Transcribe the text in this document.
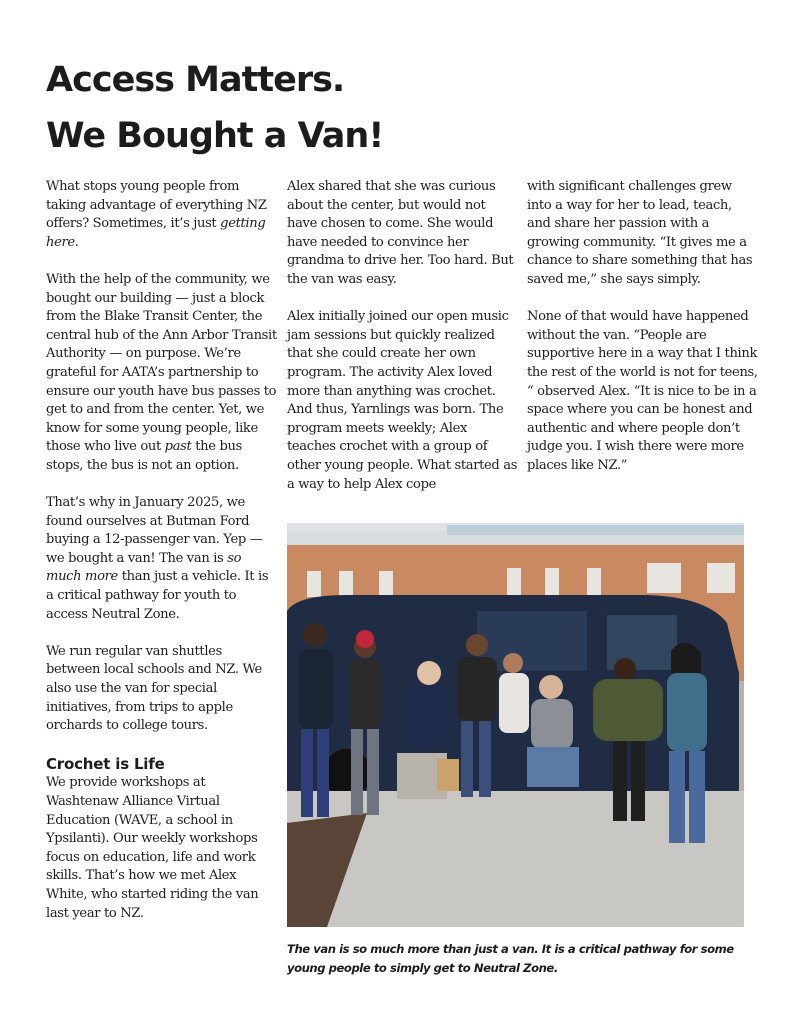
Access Matters.
We Bought a Van!

What stops young people from taking advantage of everything NZ offers? Sometimes, it’s just getting here.

With the help of the community, we bought our building — just a block from the Blake Transit Center, the central hub of the Ann Arbor Transit Authority — on purpose. We’re grateful for AATA’s partnership to ensure our youth have bus passes to get to and from the center. Yet, we know for some young people, like those who live out past the bus stops, the bus is not an option.

That’s why in January 2025, we found ourselves at Butman Ford buying a 12-passenger van. Yep — we bought a van! The van is so much more than just a vehicle. It is a critical pathway for youth to access Neutral Zone.

We run regular van shuttles between local schools and NZ. We also use the van for special initiatives, from trips to apple orchards to college tours.

Crochet is Life

We provide workshops at Washtenaw Alliance Virtual Education (WAVE, a school in Ypsilanti). Our weekly workshops focus on education, life and work skills. That’s how we met Alex White, who started riding the van last year to NZ.

Alex shared that she was curious about the center, but would not have chosen to come. She would have needed to convince her grandma to drive her. Too hard. But the van was easy.

Alex initially joined our open music jam sessions but quickly realized that she could create her own program. The activity Alex loved more than anything was crochet. And thus, Yarnlings was born. The program meets weekly; Alex teaches crochet with a group of other young people. What started as a way to help Alex cope

with significant challenges grew into a way for her to lead, teach, and share her passion with a growing community. “It gives me a chance to share something that has saved me,” she says simply.

None of that would have happened without the van. “People are supportive here in a way that I think the rest of the world is not for teens, “ observed Alex. “It is nice to be in a space where you can be honest and authentic and where people don’t judge you. I wish there were more places like NZ.”

The van is so much more than just a van. It is a critical pathway for some young people to simply get to Neutral Zone.
